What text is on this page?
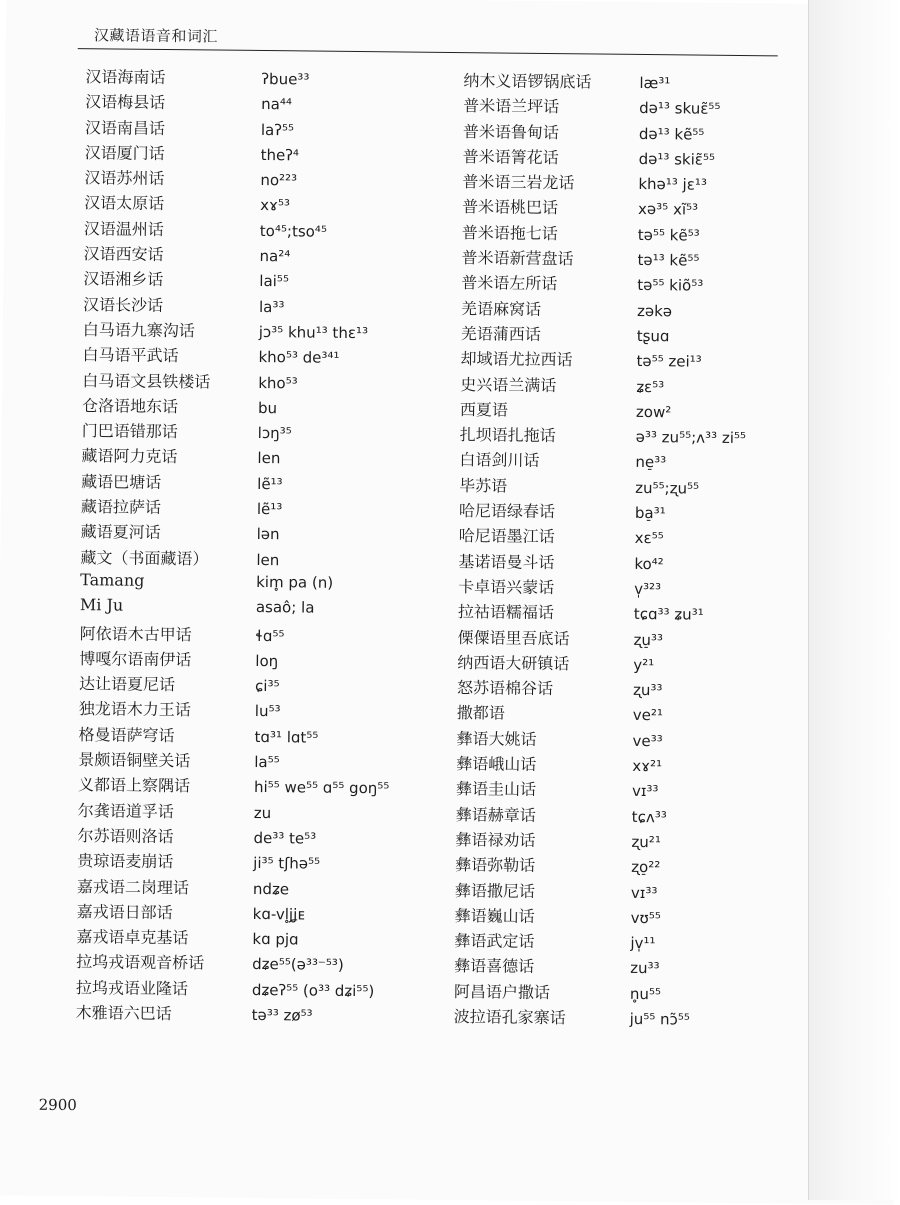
汉藏语语音和词汇
汉语海南话	ʔbue³³
汉语梅县话	na⁴⁴
汉语南昌话	laʔ⁵⁵
汉语厦门话	theʔ⁴
汉语苏州话	no²²³
汉语太原话	xɤ⁵³
汉语温州话	to⁴⁵;tso⁴⁵
汉语西安话	na²⁴
汉语湘乡话	lai⁵⁵
汉语长沙话	la³³
白马语九寨沟话	jɔ³⁵ khu¹³ thɛ¹³
白马语平武话	kho⁵³ de³⁴¹
白马语文县铁楼话	kho⁵³
仓洛语地东话	bu
门巴语错那话	lɔŋ³⁵
藏语阿力克话	len
藏语巴塘话	lẽ¹³
藏语拉萨话	lẽ¹³
藏语夏河话	lən
藏文（书面藏语）	len
Tamang	kim̥ pa (n)
Mi Ju	asaô; la
阿依语木古甲话	ɬɑ⁵⁵
博嘎尔语南伊话	loŋ
达让语夏尼话	ɕi³⁵
独龙语木力王话	lu⁵³
格曼语萨穹话	tɑ³¹ lɑt⁵⁵
景颇语铜壁关话	la⁵⁵
义都语上察隅话	hi⁵⁵ we⁵⁵ ɑ⁵⁵ goŋ⁵⁵
尔龚语道孚话	zu
尔苏语则洛话	de³³ te⁵³
贵琼语麦崩话	ji³⁵ tʃhə⁵⁵
嘉戎语二岗理话	ndʑe
嘉戎语日部话	kɑ-vl̥jʝᴇ
嘉戎语卓克基话	kɑ pjɑ
拉坞戎语观音桥话	dʑe⁵⁵(ə³³⁻⁵³)
拉坞戎语业隆话	dʑeʔ⁵⁵ (o³³ dʑi⁵⁵)
木雅语六巴话	tə³³ zø⁵³
纳木义语锣锅底话	læ³¹
普米语兰坪话	də¹³ skuɛ̃⁵⁵
普米语鲁甸话	də¹³ kẽ⁵⁵
普米语箐花话	də¹³ skiɛ̃⁵⁵
普米语三岩龙话	khə¹³ jɛ¹³
普米语桃巴话	xə³⁵ xĩ⁵³
普米语拖七话	tə⁵⁵ kẽ⁵³
普米语新营盘话	tə¹³ kẽ⁵⁵
普米语左所话	tə⁵⁵ kiõ⁵³
羌语麻窝话	zəkə
羌语蒲西话	tʂuɑ
却域语尤拉西话	tə⁵⁵ zei¹³
史兴语兰满话	ʑɛ⁵³
西夏语	zow²
扎坝语扎拖话	ə³³ zu⁵⁵;ʌ³³ zi⁵⁵
白语剑川话	ne̠³³
毕苏语	zu⁵⁵;ʐu⁵⁵
哈尼语绿春话	ba̠³¹
哈尼语墨江话	xɛ⁵⁵
基诺语曼斗话	ko⁴²
卡卓语兴蒙话	v̩³²³
拉祜语糯福话	tɕɑ³³ ʑu³¹
傈僳语里吾底话	ʐu̠³³
纳西语大研镇话	y²¹
怒苏语棉谷话	ʐu³³
撒都语	ve²¹
彝语大姚话	ve³³
彝语峨山话	xɤ²¹
彝语圭山话	vɪ³³
彝语赫章话	tɕʌ³³
彝语禄劝话	ʐu²¹
彝语弥勒话	ʐo̠²²
彝语撒尼话	vɪ³³
彝语巍山话	vʊ⁵⁵
彝语武定话	jv̩¹¹
彝语喜德话	zu³³
阿昌语户撒话	n̥u⁵⁵
波拉语孔家寨话	ju⁵⁵ nɔ̃⁵⁵
2900
